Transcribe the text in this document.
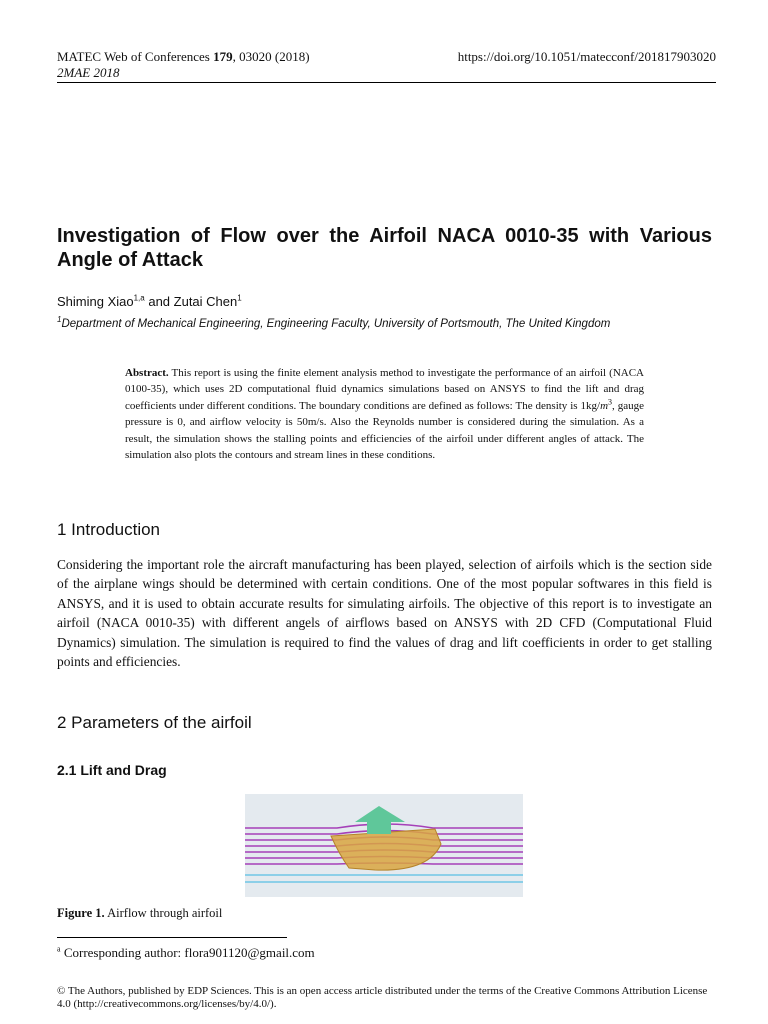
MATEC Web of Conferences 179, 03020 (2018)
2MAE 2018
https://doi.org/10.1051/matecconf/201817903020
Investigation of Flow over the Airfoil NACA 0010-35 with Various Angle of Attack
Shiming Xiao$^{1,a}$ and Zutai Chen$^1$
$^1$Department of Mechanical Engineering, Engineering Faculty, University of Portsmouth, The United Kingdom
Abstract. This report is using the finite element analysis method to investigate the performance of an airfoil (NACA 0100-35), which uses 2D computational fluid dynamics simulations based on ANSYS to find the lift and drag coefficients under different conditions. The boundary conditions are defined as follows: The density is $1kg/m^3$, gauge pressure is 0, and airflow velocity is 50m/s. Also the Reynolds number is considered during the simulation. As a result, the simulation shows the stalling points and efficiencies of the airfoil under different angles of attack. The simulation also plots the contours and stream lines in these conditions.
1 Introduction
Considering the important role the aircraft manufacturing has been played, selection of airfoils which is the section side of the airplane wings should be determined with certain conditions. One of the most popular softwares in this field is ANSYS, and it is used to obtain accurate results for simulating airfoils. The objective of this report is to investigate an airfoil (NACA 0010-35) with different angels of airflows based on ANSYS with 2D CFD (Computational Fluid Dynamics) simulation. The simulation is required to find the values of drag and lift coefficients in order to get stalling points and efficiencies.
2 Parameters of the airfoil
2.1 Lift and Drag
Figure 1. Airflow through airfoil
$^a$ Corresponding author: flora901120@gmail.com
© The Authors, published by EDP Sciences. This is an open access article distributed under the terms of the Creative Commons Attribution License 4.0 (http://creativecommons.org/licenses/by/4.0/).
